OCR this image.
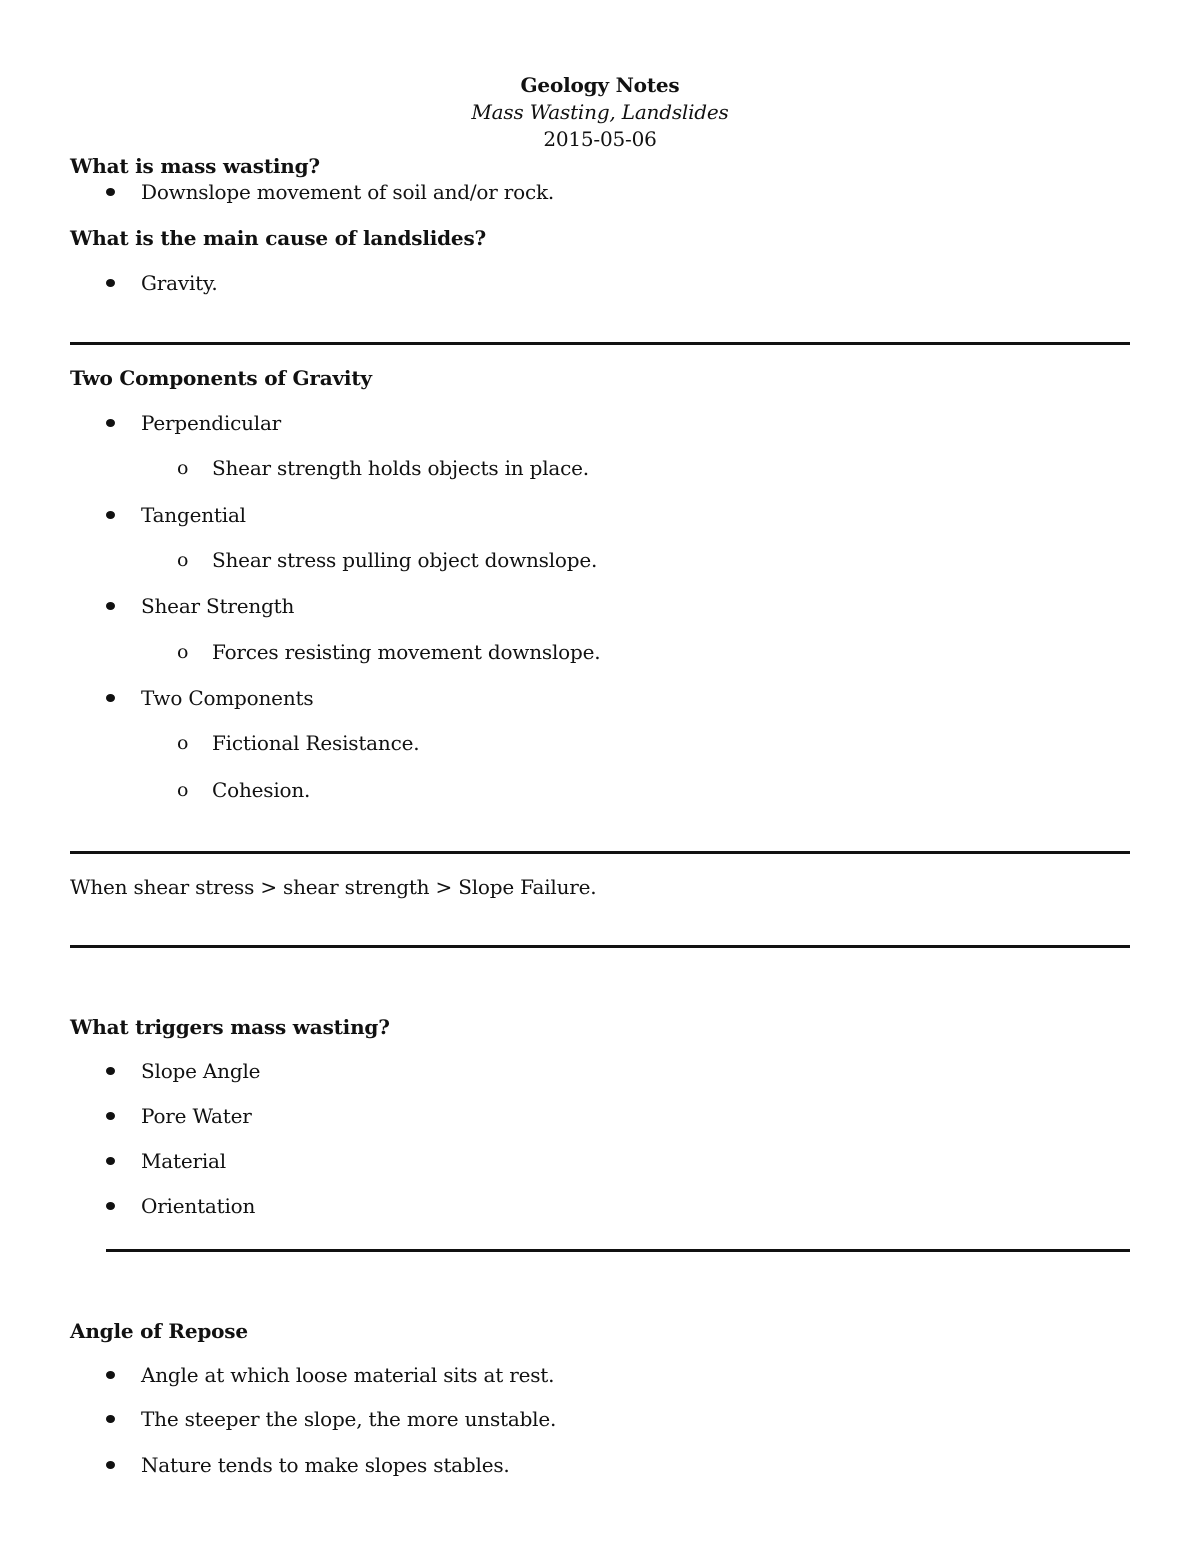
Geology Notes
Mass Wasting, Landslides
2015-05-06
What is mass wasting?
Downslope movement of soil and/or rock.
What is the main cause of landslides?
Gravity.
Two Components of Gravity
Perpendicular
o Shear strength holds objects in place.
Tangential
o Shear stress pulling object downslope.
Shear Strength
o Forces resisting movement downslope.
Two Components
o Fictional Resistance.
o Cohesion.
When shear stress > shear strength > Slope Failure.
What triggers mass wasting?
Slope Angle
Pore Water
Material
Orientation
Angle of Repose
Angle at which loose material sits at rest.
The steeper the slope, the more unstable.
Nature tends to make slopes stables.
